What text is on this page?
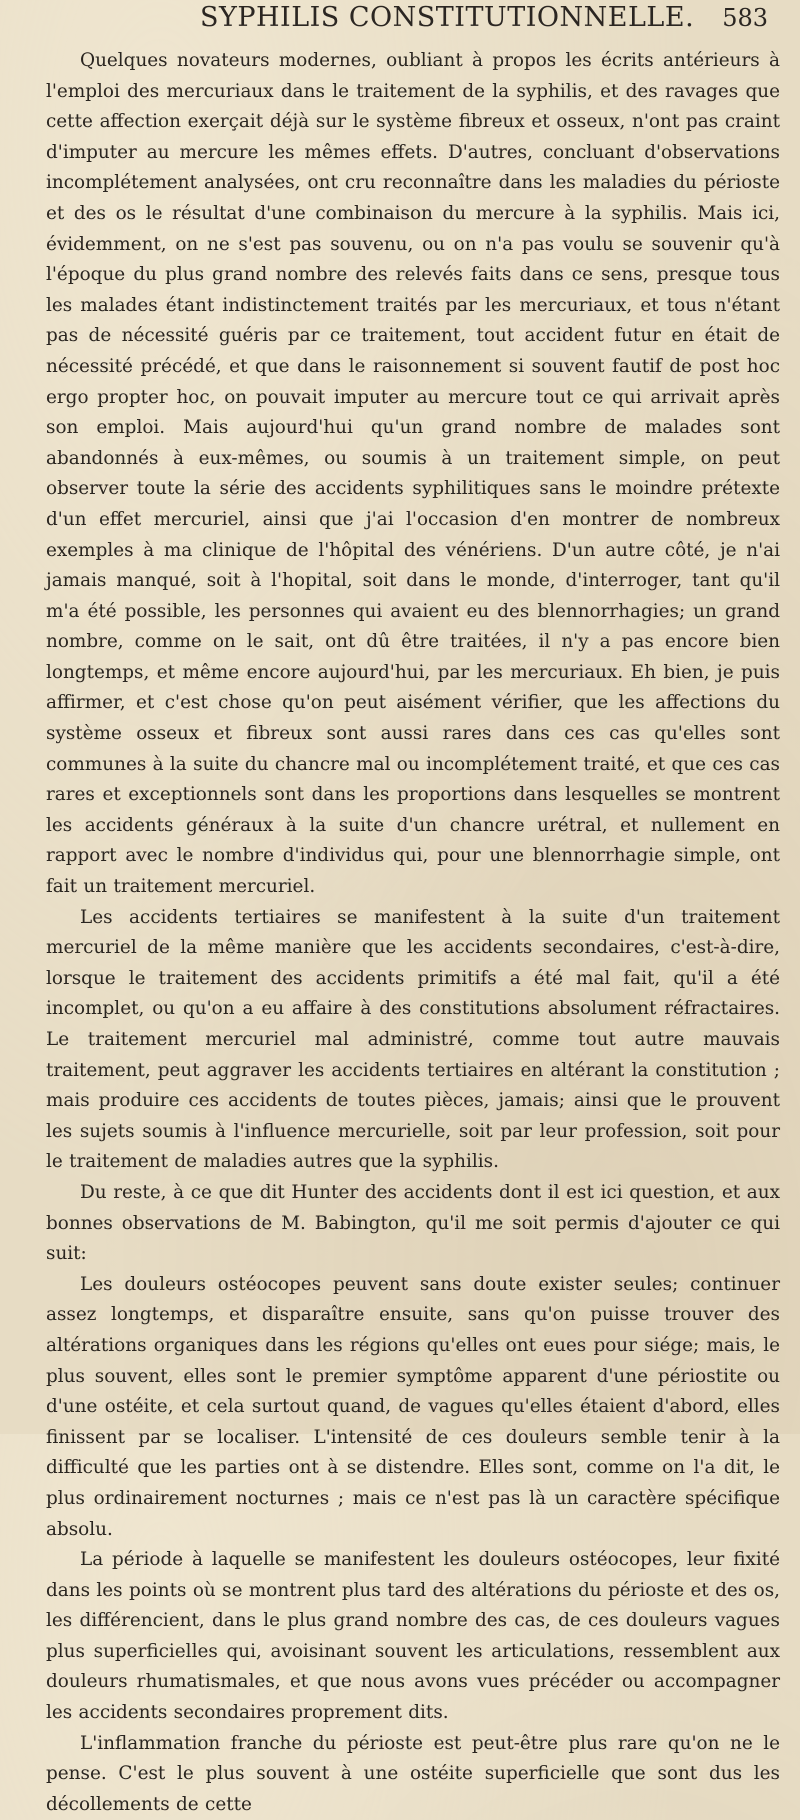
SYPHILIS CONSTITUTIONNELLE. 583

Quelques novateurs modernes, oubliant à propos les écrits antérieurs à l'emploi des mercuriaux dans le traitement de la syphilis, et des ravages que cette affection exerçait déjà sur le système fibreux et osseux, n'ont pas craint d'imputer au mercure les mêmes effets. D'autres, concluant d'observations incomplétement analysées, ont cru reconnaître dans les maladies du périoste et des os le résultat d'une combinaison du mercure à la syphilis. Mais ici, évidemment, on ne s'est pas souvenu, ou on n'a pas voulu se souvenir qu'à l'époque du plus grand nombre des relevés faits dans ce sens, presque tous les malades étant indistinctement traités par les mercuriaux, et tous n'étant pas de nécessité guéris par ce traitement, tout accident futur en était de nécessité précédé, et que dans le raisonnement si souvent fautif de post hoc ergo propter hoc, on pouvait imputer au mercure tout ce qui arrivait après son emploi. Mais aujourd'hui qu'un grand nombre de malades sont abandonnés à eux-mêmes, ou soumis à un traitement simple, on peut observer toute la série des accidents syphilitiques sans le moindre prétexte d'un effet mercuriel, ainsi que j'ai l'occasion d'en montrer de nombreux exemples à ma clinique de l'hôpital des vénériens. D'un autre côté, je n'ai jamais manqué, soit à l'hopital, soit dans le monde, d'interroger, tant qu'il m'a été possible, les personnes qui avaient eu des blennorrhagies; un grand nombre, comme on le sait, ont dû être traitées, il n'y a pas encore bien longtemps, et même encore aujourd'hui, par les mercuriaux. Eh bien, je puis affirmer, et c'est chose qu'on peut aisément vérifier, que les affections du système osseux et fibreux sont aussi rares dans ces cas qu'elles sont communes à la suite du chancre mal ou incomplétement traité, et que ces cas rares et exceptionnels sont dans les proportions dans lesquelles se montrent les accidents généraux à la suite d'un chancre urétral, et nullement en rapport avec le nombre d'individus qui, pour une blennorrhagie simple, ont fait un traitement mercuriel.

Les accidents tertiaires se manifestent à la suite d'un traitement mercuriel de la même manière que les accidents secondaires, c'est-à-dire, lorsque le traitement des accidents primitifs a été mal fait, qu'il a été incomplet, ou qu'on a eu affaire à des constitutions absolument réfractaires. Le traitement mercuriel mal administré, comme tout autre mauvais traitement, peut aggraver les accidents tertiaires en altérant la constitution ; mais produire ces accidents de toutes pièces, jamais; ainsi que le prouvent les sujets soumis à l'influence mercurielle, soit par leur profession, soit pour le traitement de maladies autres que la syphilis.

Du reste, à ce que dit Hunter des accidents dont il est ici question, et aux bonnes observations de M. Babington, qu'il me soit permis d'ajouter ce qui suit:

Les douleurs ostéocopes peuvent sans doute exister seules; continuer assez longtemps, et disparaître ensuite, sans qu'on puisse trouver des altérations organiques dans les régions qu'elles ont eues pour siége; mais, le plus souvent, elles sont le premier symptôme apparent d'une périostite ou d'une ostéite, et cela surtout quand, de vagues qu'elles étaient d'abord, elles finissent par se localiser. L'intensité de ces douleurs semble tenir à la difficulté que les parties ont à se distendre. Elles sont, comme on l'a dit, le plus ordinairement nocturnes ; mais ce n'est pas là un caractère spécifique absolu.

La période à laquelle se manifestent les douleurs ostéocopes, leur fixité dans les points où se montrent plus tard des altérations du périoste et des os, les différencient, dans le plus grand nombre des cas, de ces douleurs vagues plus superficielles qui, avoisinant souvent les articulations, ressemblent aux douleurs rhumatismales, et que nous avons vues précéder ou accompagner les accidents secondaires proprement dits.

L'inflammation franche du périoste est peut-être plus rare qu'on ne le pense. C'est le plus souvent à une ostéite superficielle que sont dus les décollements de cette
